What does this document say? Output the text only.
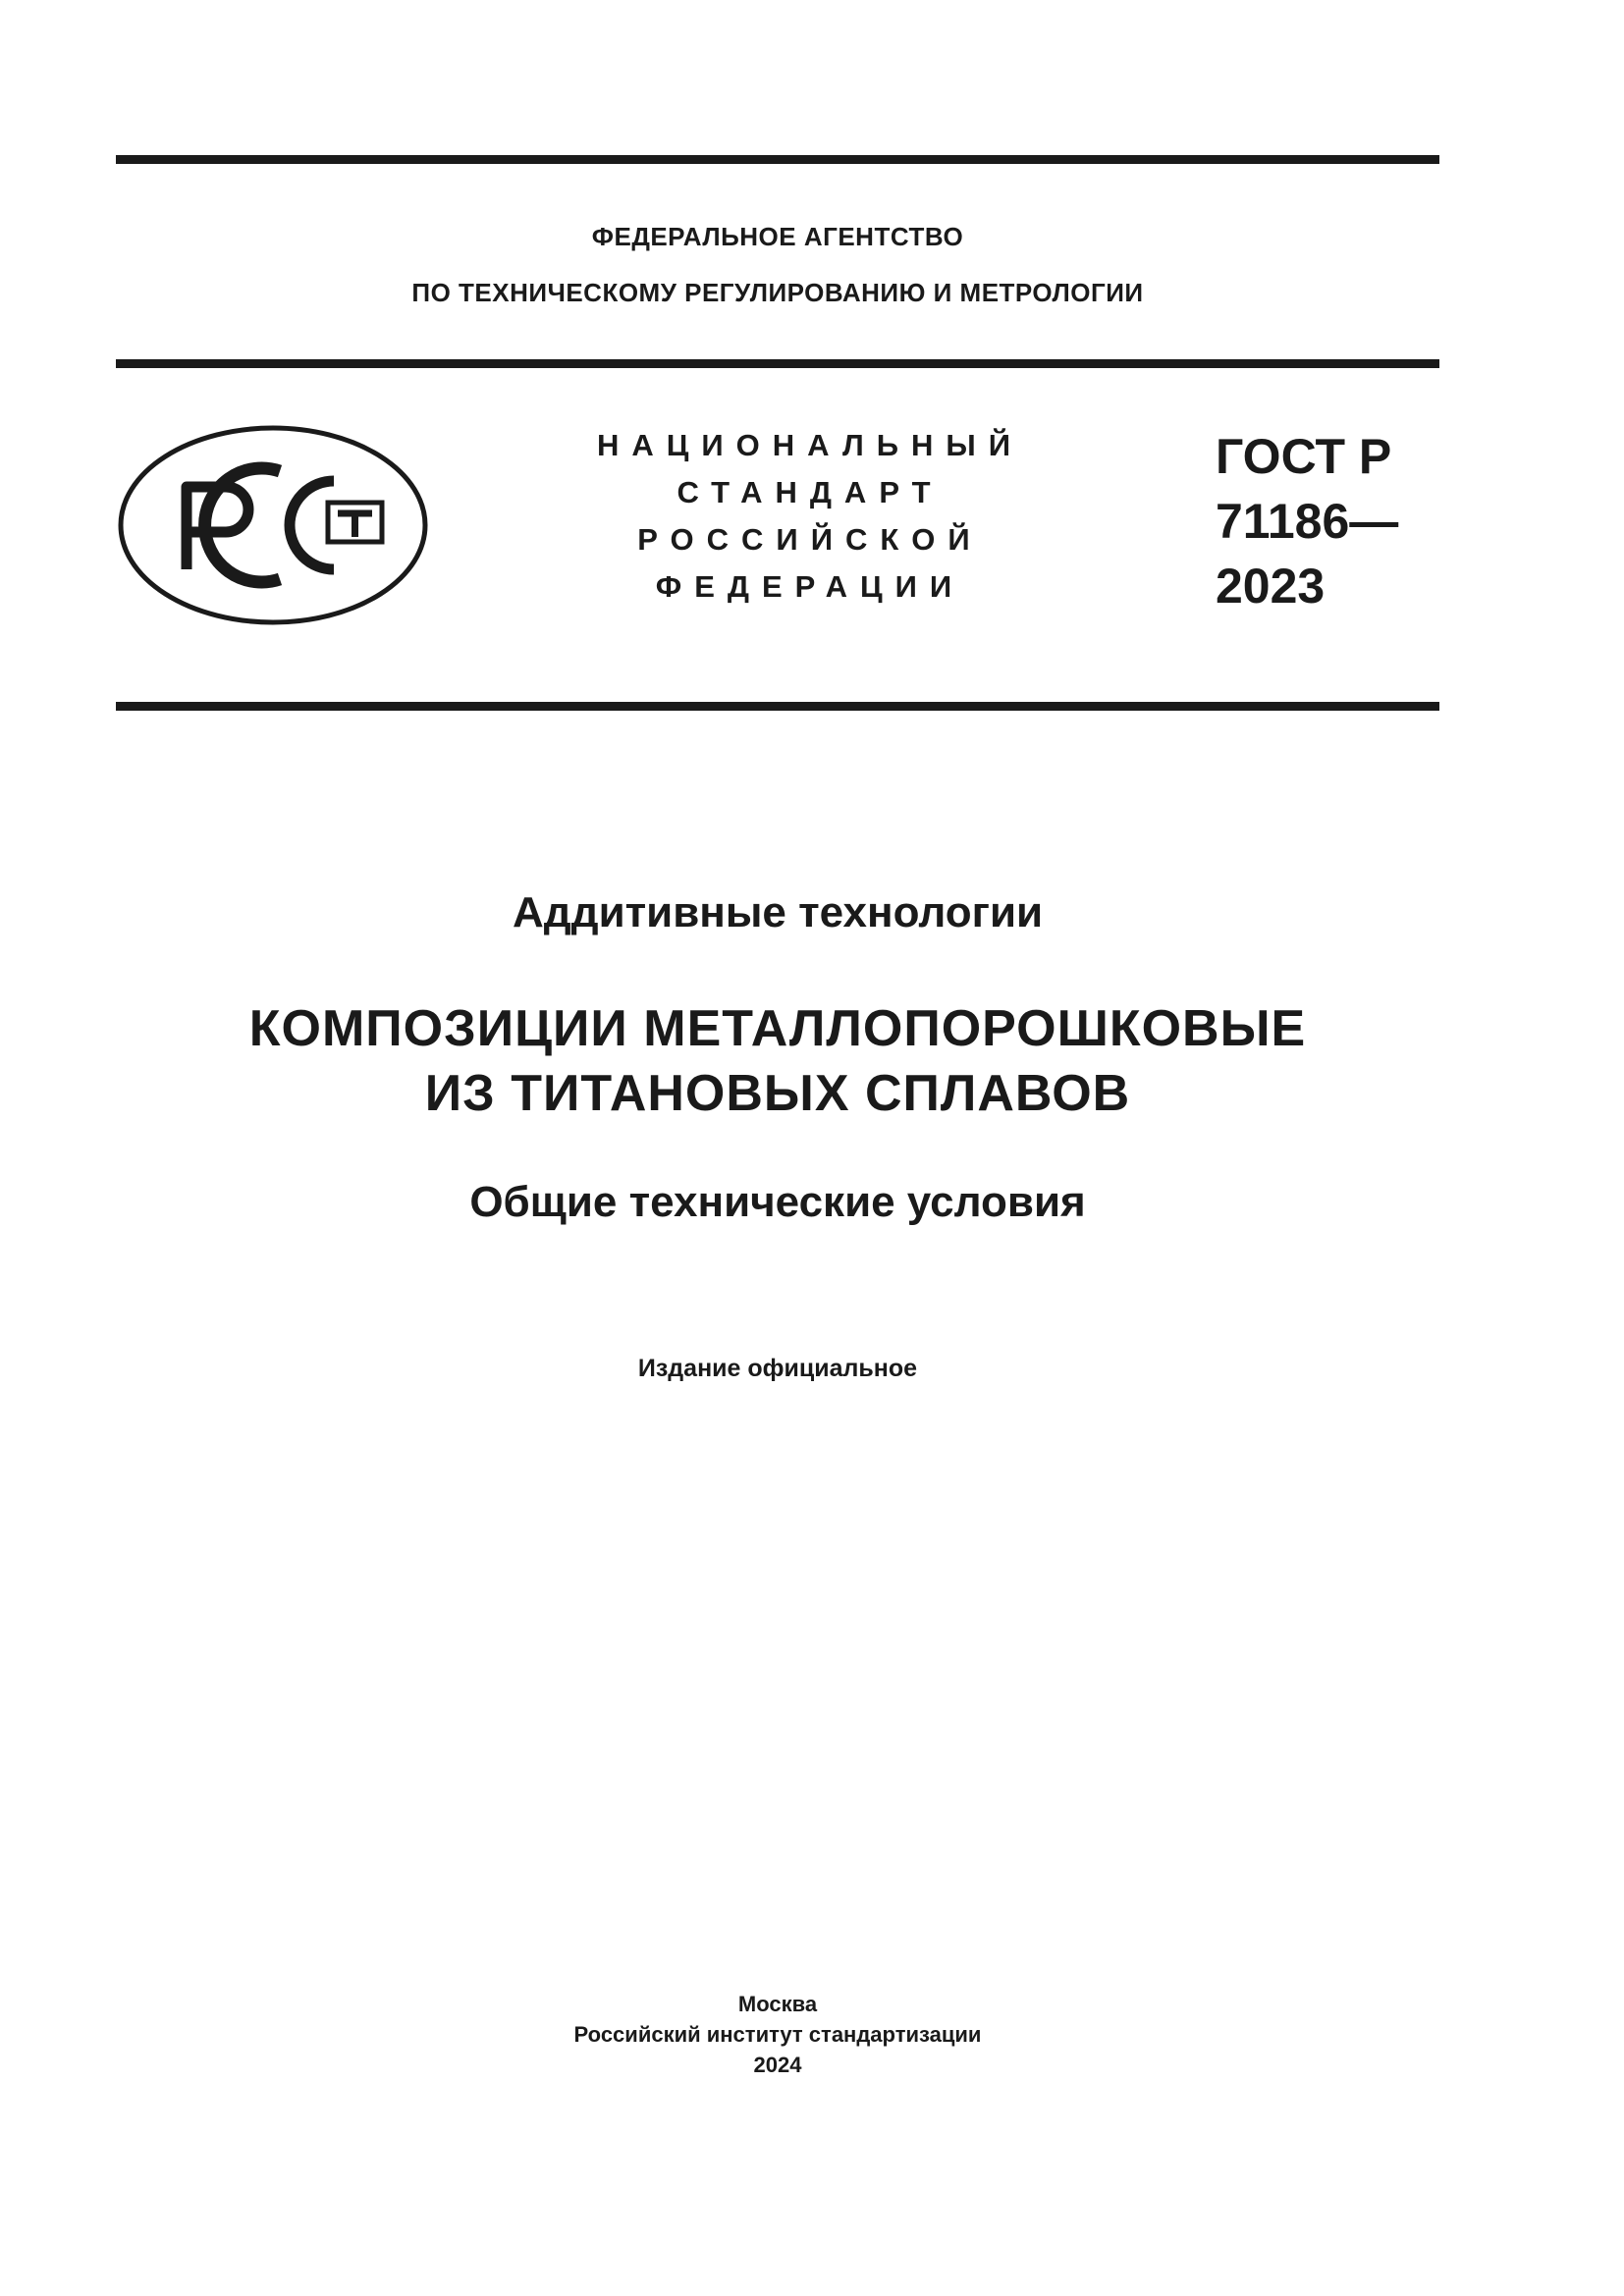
ФЕДЕРАЛЬНОЕ АГЕНТСТВО
ПО ТЕХНИЧЕСКОМУ РЕГУЛИРОВАНИЮ И МЕТРОЛОГИИ
НАЦИОНАЛЬНЫЙ
СТАНДАРТ
РОССИЙСКОЙ
ФЕДЕРАЦИИ
ГОСТ Р
71186—
2023
Аддитивные технологии
КОМПОЗИЦИИ МЕТАЛЛОПОРОШКОВЫЕ
ИЗ ТИТАНОВЫХ СПЛАВОВ
Общие технические условия
Издание официальное
Москва
Российский институт стандартизации
2024
